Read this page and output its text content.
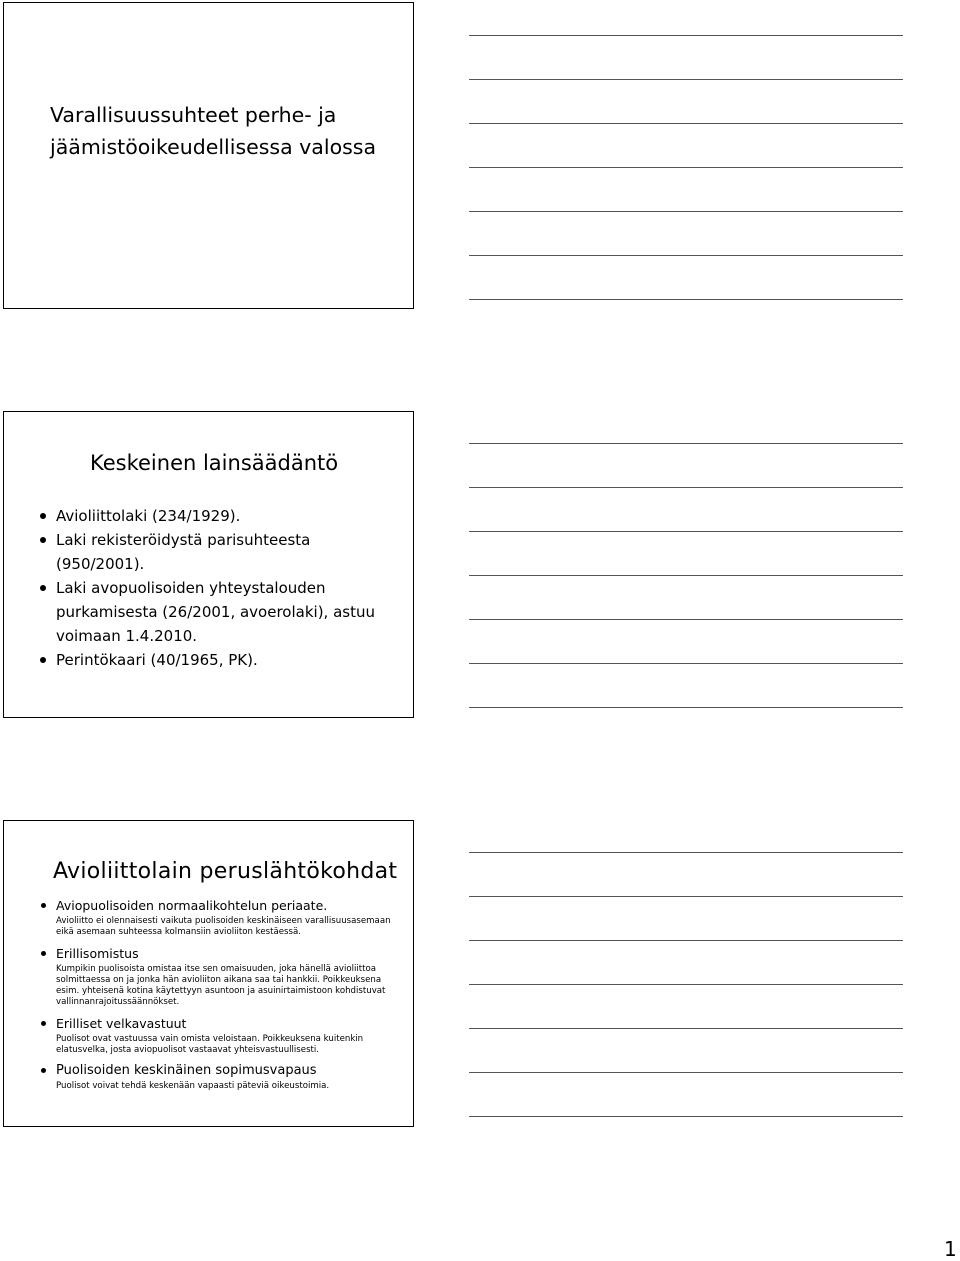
Varallisuussuhteet perhe- ja jäämistöoikeudellisessa valossa
Keskeinen lainsäädäntö
Avioliittolaki (234/1929).
Laki rekisteröidystä parisuhteesta (950/2001).
Laki avopuolisoiden yhteystalouden purkamisesta (26/2001, avoerolaki), astuu voimaan 1.4.2010.
Perintökaari (40/1965, PK).
Avioliittolain peruslähtökohdat
Aviopuolisoiden normaalikohtelun periaate.
Avioliitto ei olennaisesti vaikuta puolisoiden keskinäiseen varallisuusasemaan eikä asemaan suhteessa kolmansiin avioliiton kestäessä.
Erillisomistus
Kumpikin puolisoista omistaa itse sen omaisuuden, joka hänellä avioliittoa solmittaessa on ja jonka hän avioliiton aikana saa tai hankkii. Poikkeuksena esim. yhteisenä kotina käytettyyn asuntoon ja asuinirtaimistoon kohdistuvat vallinnanrajoitussäännökset.
Erilliset velkavastuut
Puolisot ovat vastuussa vain omista veloistaan. Poikkeuksena kuitenkin elatusvelka, josta aviopuolisot vastaavat yhteisvastuullisesti.
Puolisoiden keskinäinen sopimusvapaus
Puolisot voivat tehdä keskenään vapaasti päteviä oikeustoimia.
1
